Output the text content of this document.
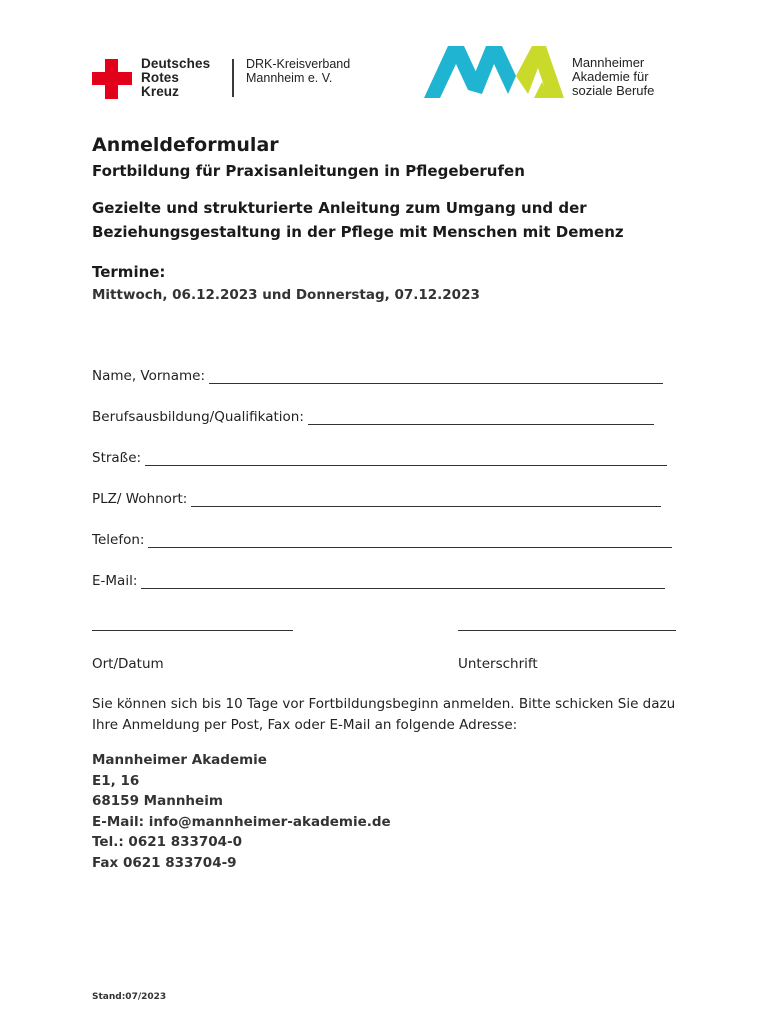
Deutsches
Rotes
Kreuz
DRK-Kreisverband
Mannheim e. V.
Mannheimer
Akademie für
soziale Berufe
Anmeldeformular
Fortbildung für Praxisanleitungen in Pflegeberufen

Gezielte und strukturierte Anleitung zum Umgang und der
Beziehungsgestaltung in der Pflege mit Menschen mit Demenz

Termine:

Mittwoch, 06.12.2023 und Donnerstag, 07.12.2023

Name, Vorname:
Berufsausbildung/Qualifikation:
Straße:
PLZ/ Wohnort:
Telefon:
E-Mail:
Ort/Datum	Unterschrift

Sie können sich bis 10 Tage vor Fortbildungsbeginn anmelden. Bitte schicken Sie dazu Ihre Anmeldung per Post, Fax oder E-Mail an folgende Adresse:

Mannheimer Akademie
E1, 16
68159 Mannheim
E-Mail: info@mannheimer-akademie.de
Tel.: 0621 833704-0
Fax 0621 833704-9
Stand:07/2023
